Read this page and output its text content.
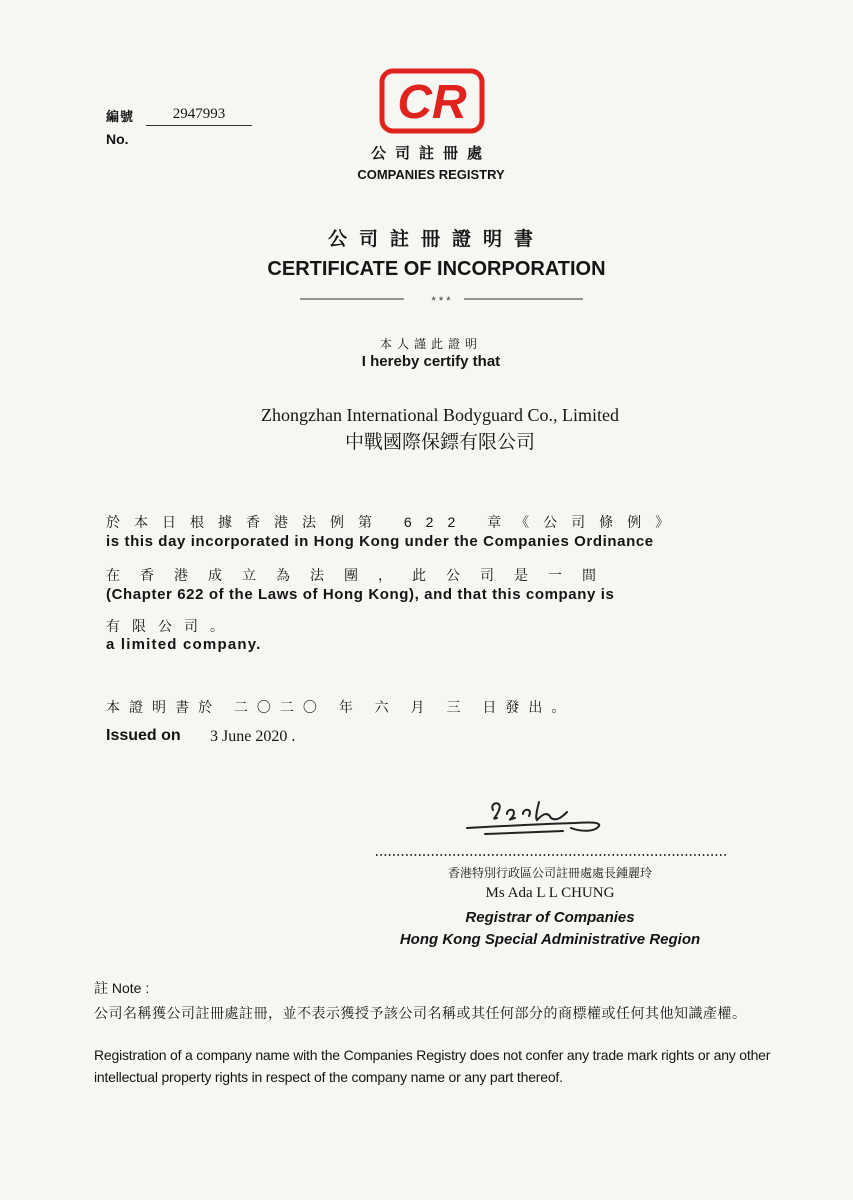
編號	2947993
No.
CR
公司註冊處
COMPANIES REGISTRY
公司註冊證明書
CERTIFICATE OF INCORPORATION
* * *
本人謹此證明
I hereby certify that
Zhongzhan International Bodyguard Co., Limited
中戰國際保鏢有限公司
於本日根據香港法例第 622 章《公司條例》
is this day incorporated in Hong Kong under the Companies Ordinance
在香港成立為法團，此公司是一間
(Chapter 622 of the Laws of Hong Kong), and that this company is
有限公司。
a limited company.
本證明書於 二〇二〇 年 六 月 三 日發出。
Issued on 3 June 2020 .
香港特別行政區公司註冊處處長鍾麗玲
Ms Ada L L CHUNG
Registrar of Companies
Hong Kong Special Administrative Region
註 Note :
公司名稱獲公司註冊處註冊，並不表示獲授予該公司名稱或其任何部分的商標權或任何其他知識產權。
Registration of a company name with the Companies Registry does not confer any trade mark rights or any other intellectual property rights in respect of the company name or any part thereof.
